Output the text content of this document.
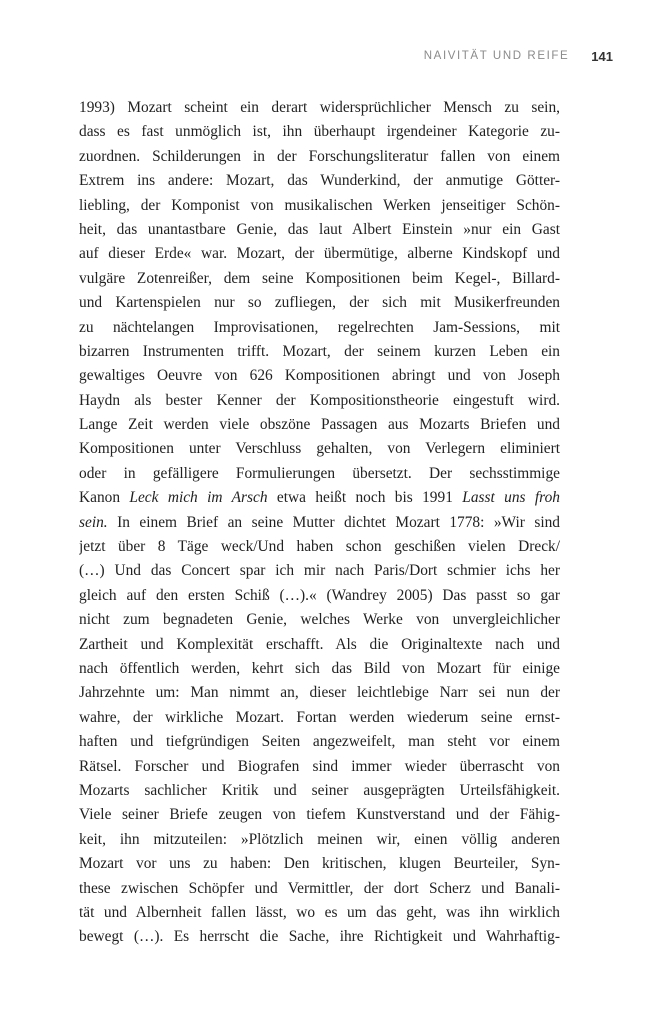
NAIVITÄT UND REIFE 141
1993) Mozart scheint ein derart widersprüchlicher Mensch zu sein,
dass es fast unmöglich ist, ihn überhaupt irgendeiner Kategorie zu-
zuordnen. Schilderungen in der Forschungsliteratur fallen von einem
Extrem ins andere: Mozart, das Wunderkind, der anmutige Götter-
liebling, der Komponist von musikalischen Werken jenseitiger Schön-
heit, das unantastbare Genie, das laut Albert Einstein »nur ein Gast
auf dieser Erde« war. Mozart, der übermütige, alberne Kindskopf und
vulgäre Zotenreißer, dem seine Kompositionen beim Kegel-, Billard-
und Kartenspielen nur so zufliegen, der sich mit Musikerfreunden
zu nächtelangen Improvisationen, regelrechten Jam-Sessions, mit
bizarren Instrumenten trifft. Mozart, der seinem kurzen Leben ein
gewaltiges Oeuvre von 626 Kompositionen abringt und von Joseph
Haydn als bester Kenner der Kompositionstheorie eingestuft wird.
Lange Zeit werden viele obszöne Passagen aus Mozarts Briefen und
Kompositionen unter Verschluss gehalten, von Verlegern eliminiert
oder in gefälligere Formulierungen übersetzt. Der sechsstimmige
Kanon Leck mich im Arsch etwa heißt noch bis 1991 Lasst uns froh
sein. In einem Brief an seine Mutter dichtet Mozart 1778: »Wir sind
jetzt über 8 Täge weck/Und haben schon geschißen vielen Dreck/
(…) Und das Concert spar ich mir nach Paris/Dort schmier ichs her
gleich auf den ersten Schiß (…).« (Wandrey 2005) Das passt so gar
nicht zum begnadeten Genie, welches Werke von unvergleichlicher
Zartheit und Komplexität erschafft. Als die Originaltexte nach und
nach öffentlich werden, kehrt sich das Bild von Mozart für einige
Jahrzehnte um: Man nimmt an, dieser leichtlebige Narr sei nun der
wahre, der wirkliche Mozart. Fortan werden wiederum seine ernst-
haften und tiefgründigen Seiten angezweifelt, man steht vor einem
Rätsel. Forscher und Biografen sind immer wieder überrascht von
Mozarts sachlicher Kritik und seiner ausgeprägten Urteilsfähigkeit.
Viele seiner Briefe zeugen von tiefem Kunstverstand und der Fähig-
keit, ihn mitzuteilen: »Plötzlich meinen wir, einen völlig anderen
Mozart vor uns zu haben: Den kritischen, klugen Beurteiler, Syn-
these zwischen Schöpfer und Vermittler, der dort Scherz und Banali-
tät und Albernheit fallen lässt, wo es um das geht, was ihn wirklich
bewegt (…). Es herrscht die Sache, ihre Richtigkeit und Wahrhaftig-
